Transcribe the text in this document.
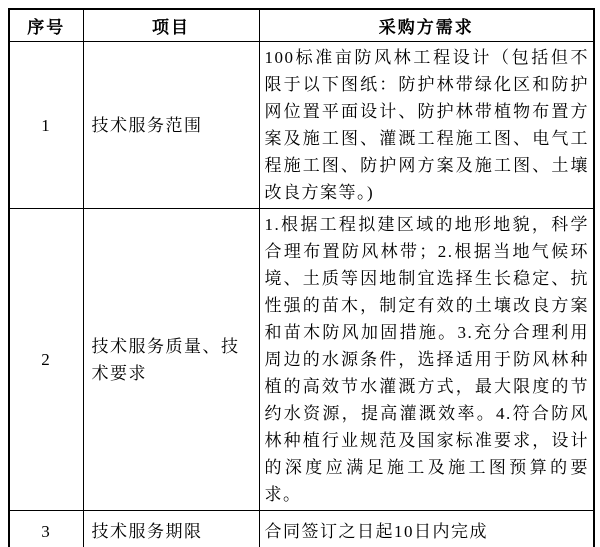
序号	项目	采购方需求
1	技术服务范围	100标准亩防风林工程设计（包括但不限于以下图纸：防护林带绿化区和防护网位置平面设计、防护林带植物布置方案及施工图、灌溉工程施工图、电气工程施工图、防护网方案及施工图、土壤改良方案等。)
2	技术服务质量、技术要求	1.根据工程拟建区域的地形地貌，科学合理布置防风林带；2.根据当地气候环境、土质等因地制宜选择生长稳定、抗性强的苗木，制定有效的土壤改良方案和苗木防风加固措施。3.充分合理利用周边的水源条件，选择适用于防风林种植的高效节水灌溉方式，最大限度的节约水资源，提高灌溉效率。4.符合防风林种植行业规范及国家标准要求，设计的深度应满足施工及施工图预算的要求。
3	技术服务期限	合同签订之日起10日内完成
